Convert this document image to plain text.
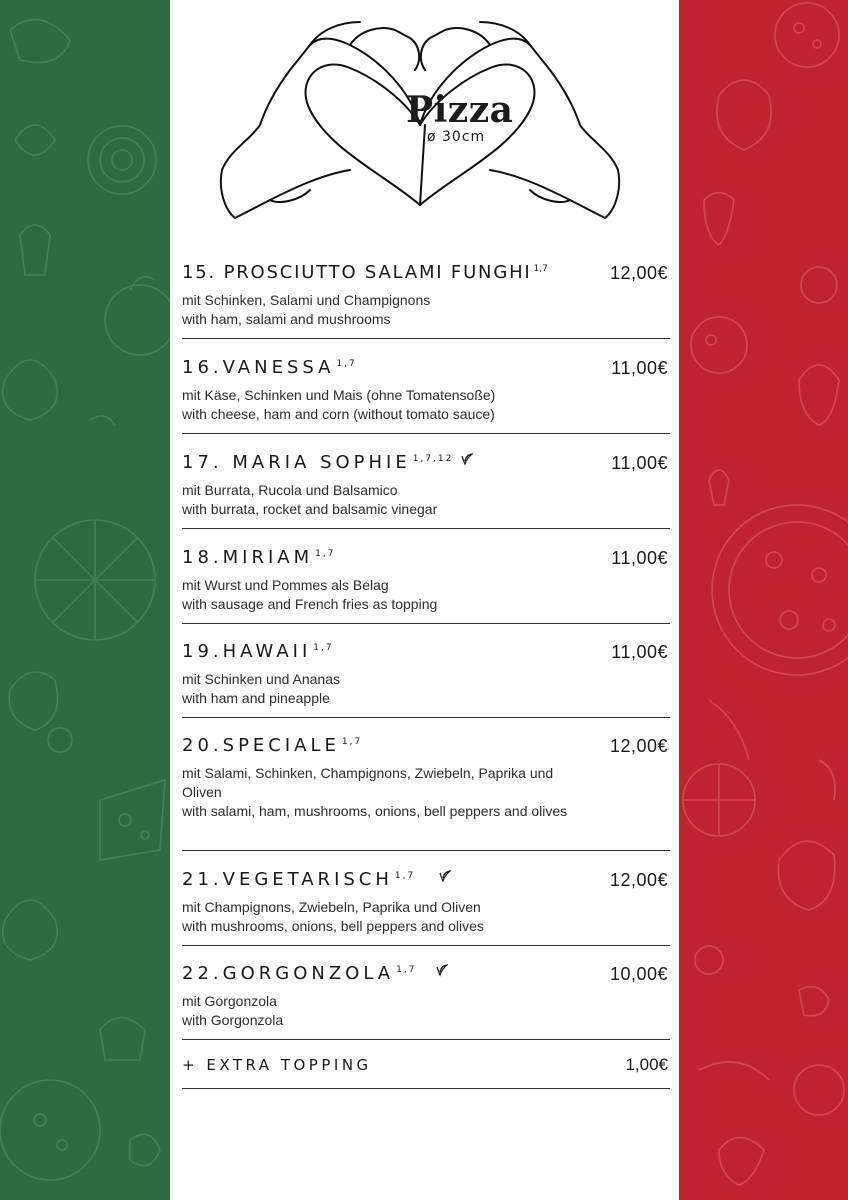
Pizza
ø 30cm
15. PROSCIUTTO SALAMI FUNGHI $^{1,7}$	12,00€
mit Schinken, Salami und Champignons
with ham, salami and mushrooms
16.VANESSA $^{1,7}$	11,00€
mit Käse, Schinken und Mais (ohne Tomatensoße)
with cheese, ham and corn (without tomato sauce)
17. MARIA SOPHIE $^{1,7,12}$	11,00€
mit Burrata, Rucola und Balsamico
with burrata, rocket and balsamic vinegar
18.MIRIAM $^{1,7}$	11,00€
mit Wurst und Pommes als Belag
with sausage and French fries as topping
19.HAWAII $^{1,7}$	11,00€
mit Schinken und Ananas
with ham and pineapple
20.SPECIALE $^{1,7}$	12,00€
mit Salami, Schinken, Champignons, Zwiebeln, Paprika und Oliven
with salami, ham, mushrooms, onions, bell peppers and olives
21.VEGETARISCH $^{1,7}$	12,00€
mit Champignons, Zwiebeln, Paprika und Oliven
with mushrooms, onions, bell peppers and olives
22.GORGONZOLA $^{1,7}$	10,00€
mit Gorgonzola
with Gorgonzola
+ EXTRA TOPPING	1,00€
